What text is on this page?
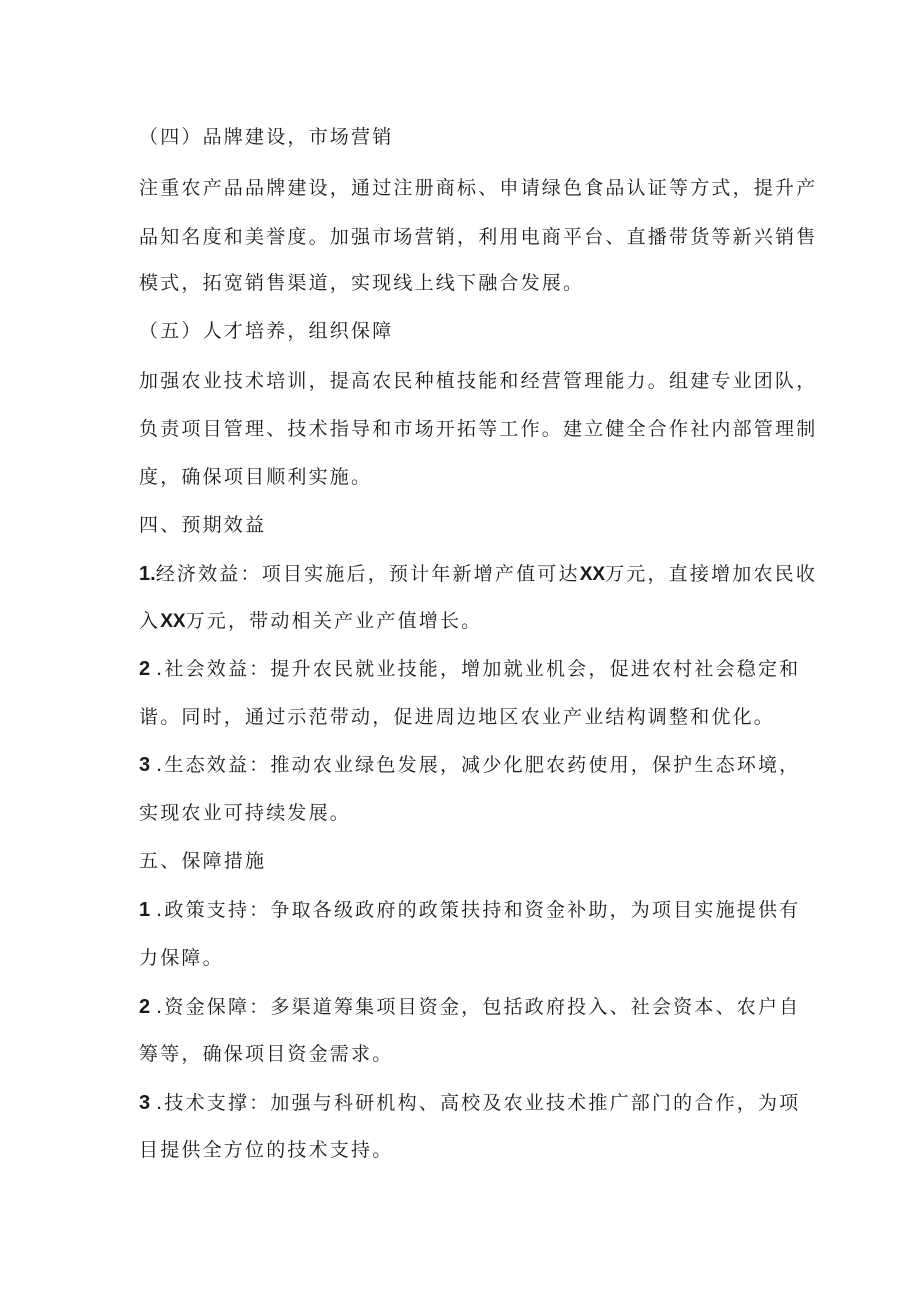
（四）品牌建设，市场营销
注重农产品品牌建设，通过注册商标、申请绿色食品认证等方式，提升产
品知名度和美誉度。加强市场营销，利用电商平台、直播带货等新兴销售
模式，拓宽销售渠道，实现线上线下融合发展。
（五）人才培养，组织保障
加强农业技术培训，提高农民种植技能和经营管理能力。组建专业团队，
负责项目管理、技术指导和市场开拓等工作。建立健全合作社内部管理制
度，确保项目顺利实施。
四、预期效益
1.经济效益：项目实施后，预计年新增产值可达XX万元，直接增加农民收
入XX万元，带动相关产业产值增长。
2 .社会效益：提升农民就业技能，增加就业机会，促进农村社会稳定和
谐。同时，通过示范带动，促进周边地区农业产业结构调整和优化。
3 .生态效益：推动农业绿色发展，减少化肥农药使用，保护生态环境，
实现农业可持续发展。
五、保障措施
1 .政策支持：争取各级政府的政策扶持和资金补助，为项目实施提供有
力保障。
2 .资金保障：多渠道筹集项目资金，包括政府投入、社会资本、农户自
筹等，确保项目资金需求。
3 .技术支撑：加强与科研机构、高校及农业技术推广部门的合作，为项
目提供全方位的技术支持。
